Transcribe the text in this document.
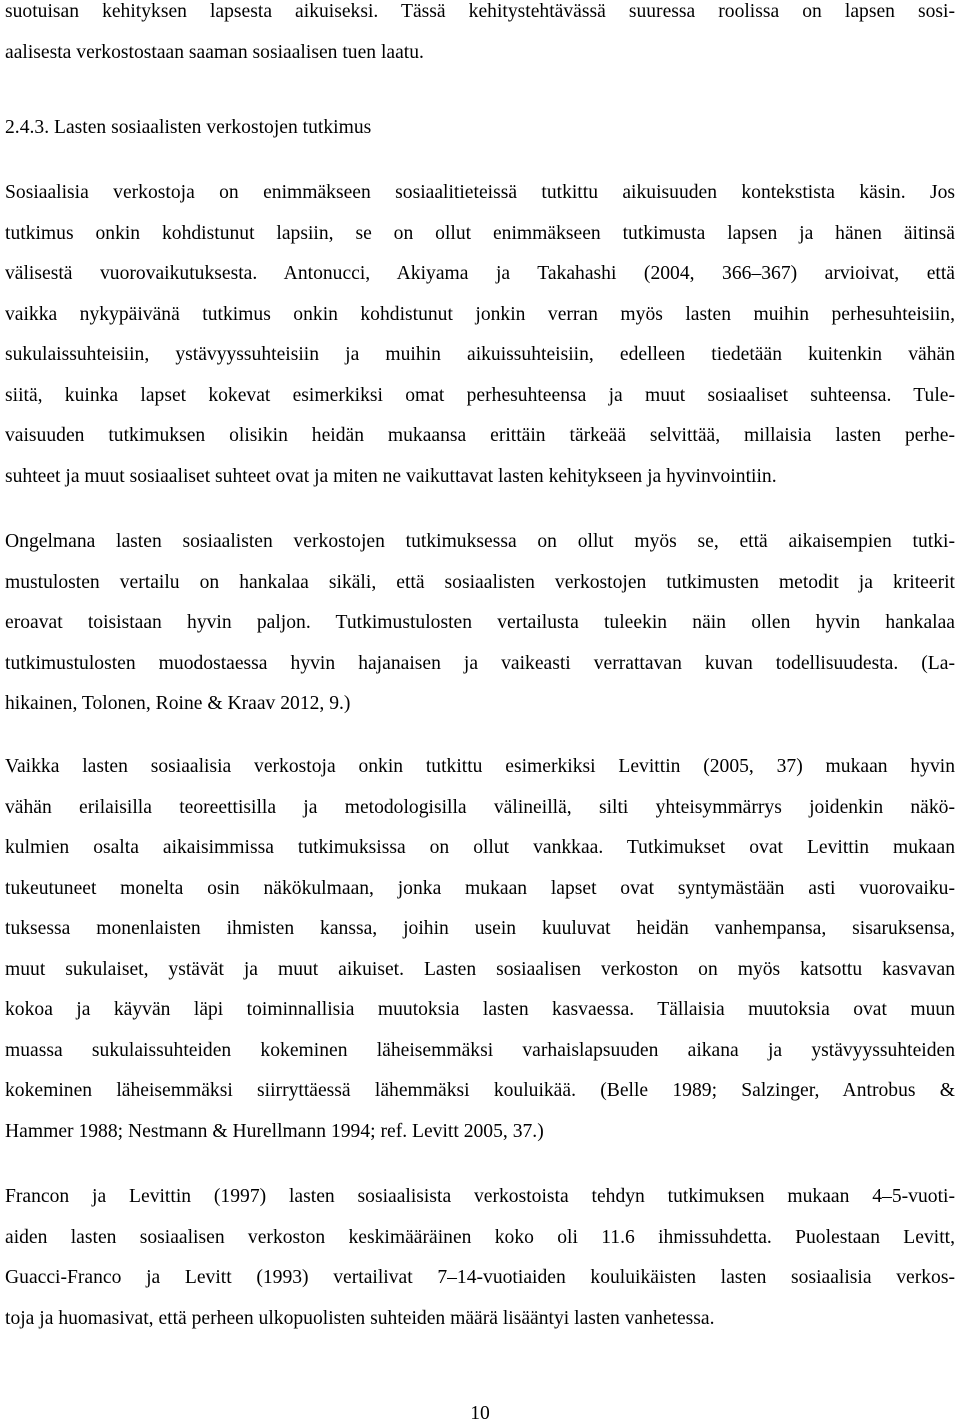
suotuisan kehityksen lapsesta aikuiseksi. Tässä kehitystehtävässä suuressa roolissa on lapsen sosi-
aalisesta verkostostaan saaman sosiaalisen tuen laatu.
2.4.3. Lasten sosiaalisten verkostojen tutkimus
Sosiaalisia verkostoja on enimmäkseen sosiaalitieteissä tutkittu aikuisuuden kontekstista käsin. Jos
tutkimus onkin kohdistunut lapsiin, se on ollut enimmäkseen tutkimusta lapsen ja hänen äitinsä
välisestä vuorovaikutuksesta. Antonucci, Akiyama ja Takahashi (2004, 366–367) arvioivat, että
vaikka nykypäivänä tutkimus onkin kohdistunut jonkin verran myös lasten muihin perhesuhteisiin,
sukulaissuhteisiin, ystävyyssuhteisiin ja muihin aikuissuhteisiin, edelleen tiedetään kuitenkin vähän
siitä, kuinka lapset kokevat esimerkiksi omat perhesuhteensa ja muut sosiaaliset suhteensa. Tule-
vaisuuden tutkimuksen olisikin heidän mukaansa erittäin tärkeää selvittää, millaisia lasten perhe-
suhteet ja muut sosiaaliset suhteet ovat ja miten ne vaikuttavat lasten kehitykseen ja hyvinvointiin.
Ongelmana lasten sosiaalisten verkostojen tutkimuksessa on ollut myös se, että aikaisempien tutki-
mustulosten vertailu on hankalaa sikäli, että sosiaalisten verkostojen tutkimusten metodit ja kriteerit
eroavat toisistaan hyvin paljon. Tutkimustulosten vertailusta tuleekin näin ollen hyvin hankalaa
tutkimustulosten muodostaessa hyvin hajanaisen ja vaikeasti verrattavan kuvan todellisuudesta. (La-
hikainen, Tolonen, Roine & Kraav 2012, 9.)
Vaikka lasten sosiaalisia verkostoja onkin tutkittu esimerkiksi Levittin (2005, 37) mukaan hyvin
vähän erilaisilla teoreettisilla ja metodologisilla välineillä, silti yhteisymmärrys joidenkin näkö-
kulmien osalta aikaisimmissa tutkimuksissa on ollut vankkaa. Tutkimukset ovat Levittin mukaan
tukeutuneet monelta osin näkökulmaan, jonka mukaan lapset ovat syntymästään asti vuorovaiku-
tuksessa monenlaisten ihmisten kanssa, joihin usein kuuluvat heidän vanhempansa, sisaruksensa,
muut sukulaiset, ystävät ja muut aikuiset. Lasten sosiaalisen verkoston on myös katsottu kasvavan
kokoa ja käyvän läpi toiminnallisia muutoksia lasten kasvaessa. Tällaisia muutoksia ovat muun
muassa sukulaissuhteiden kokeminen läheisemmäksi varhaislapsuuden aikana ja ystävyyssuhteiden
kokeminen läheisemmäksi siirryttäessä lähemmäksi kouluikää. (Belle 1989; Salzinger, Antrobus &
Hammer 1988; Nestmann & Hurellmann 1994; ref. Levitt 2005, 37.)
Francon ja Levittin (1997) lasten sosiaalisista verkostoista tehdyn tutkimuksen mukaan 4–5-vuoti-
aiden lasten sosiaalisen verkoston keskimääräinen koko oli 11.6 ihmissuhdetta. Puolestaan Levitt,
Guacci-Franco ja Levitt (1993) vertailivat 7–14-vuotiaiden kouluikäisten lasten sosiaalisia verkos-
toja ja huomasivat, että perheen ulkopuolisten suhteiden määrä lisääntyi lasten vanhetessa.
10
